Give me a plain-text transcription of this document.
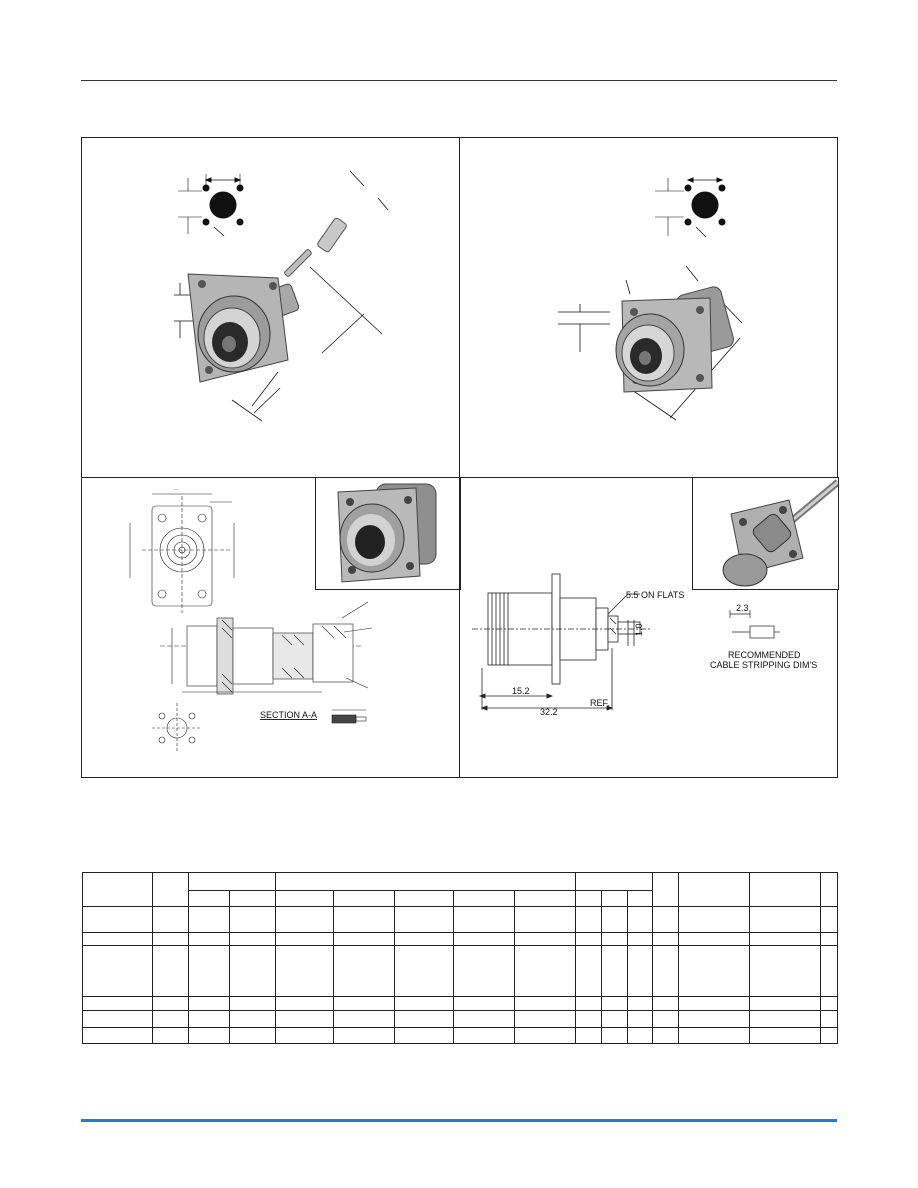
—
SECTION A-A
5.5 ON FLATS
15.2
32.2
REF.
1.0
2.3
RECOMMENDED
CABLE STRIPPING DIM'S
